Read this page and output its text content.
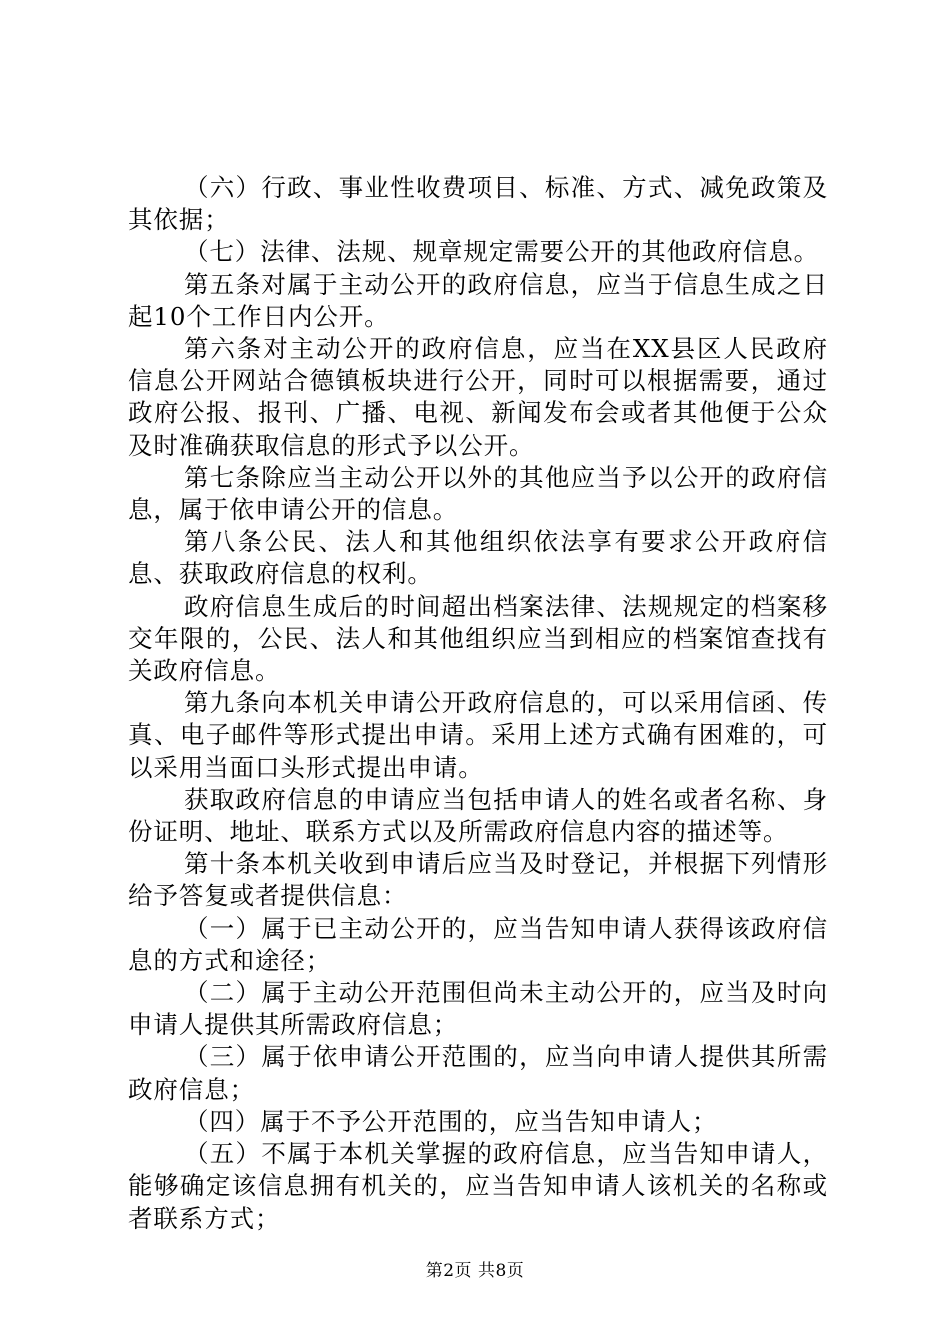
（六）行政、事业性收费项目、标准、方式、减免政策及其依据；

（七）法律、法规、规章规定需要公开的其他政府信息。

第五条对属于主动公开的政府信息，应当于信息生成之日起10个工作日内公开。

第六条对主动公开的政府信息，应当在XX县区人民政府信息公开网站合德镇板块进行公开，同时可以根据需要，通过政府公报、报刊、广播、电视、新闻发布会或者其他便于公众及时准确获取信息的形式予以公开。

第七条除应当主动公开以外的其他应当予以公开的政府信息，属于依申请公开的信息。

第八条公民、法人和其他组织依法享有要求公开政府信息、获取政府信息的权利。

政府信息生成后的时间超出档案法律、法规规定的档案移交年限的，公民、法人和其他组织应当到相应的档案馆查找有关政府信息。

第九条向本机关申请公开政府信息的，可以采用信函、传真、电子邮件等形式提出申请。采用上述方式确有困难的，可以采用当面口头形式提出申请。

获取政府信息的申请应当包括申请人的姓名或者名称、身份证明、地址、联系方式以及所需政府信息内容的描述等。

第十条本机关收到申请后应当及时登记，并根据下列情形给予答复或者提供信息：

（一）属于已主动公开的，应当告知申请人获得该政府信息的方式和途径；

（二）属于主动公开范围但尚未主动公开的，应当及时向申请人提供其所需政府信息；

（三）属于依申请公开范围的，应当向申请人提供其所需政府信息；

（四）属于不予公开范围的，应当告知申请人；

（五）不属于本机关掌握的政府信息，应当告知申请人，能够确定该信息拥有机关的，应当告知申请人该机关的名称或者联系方式；

第2页 共8页
